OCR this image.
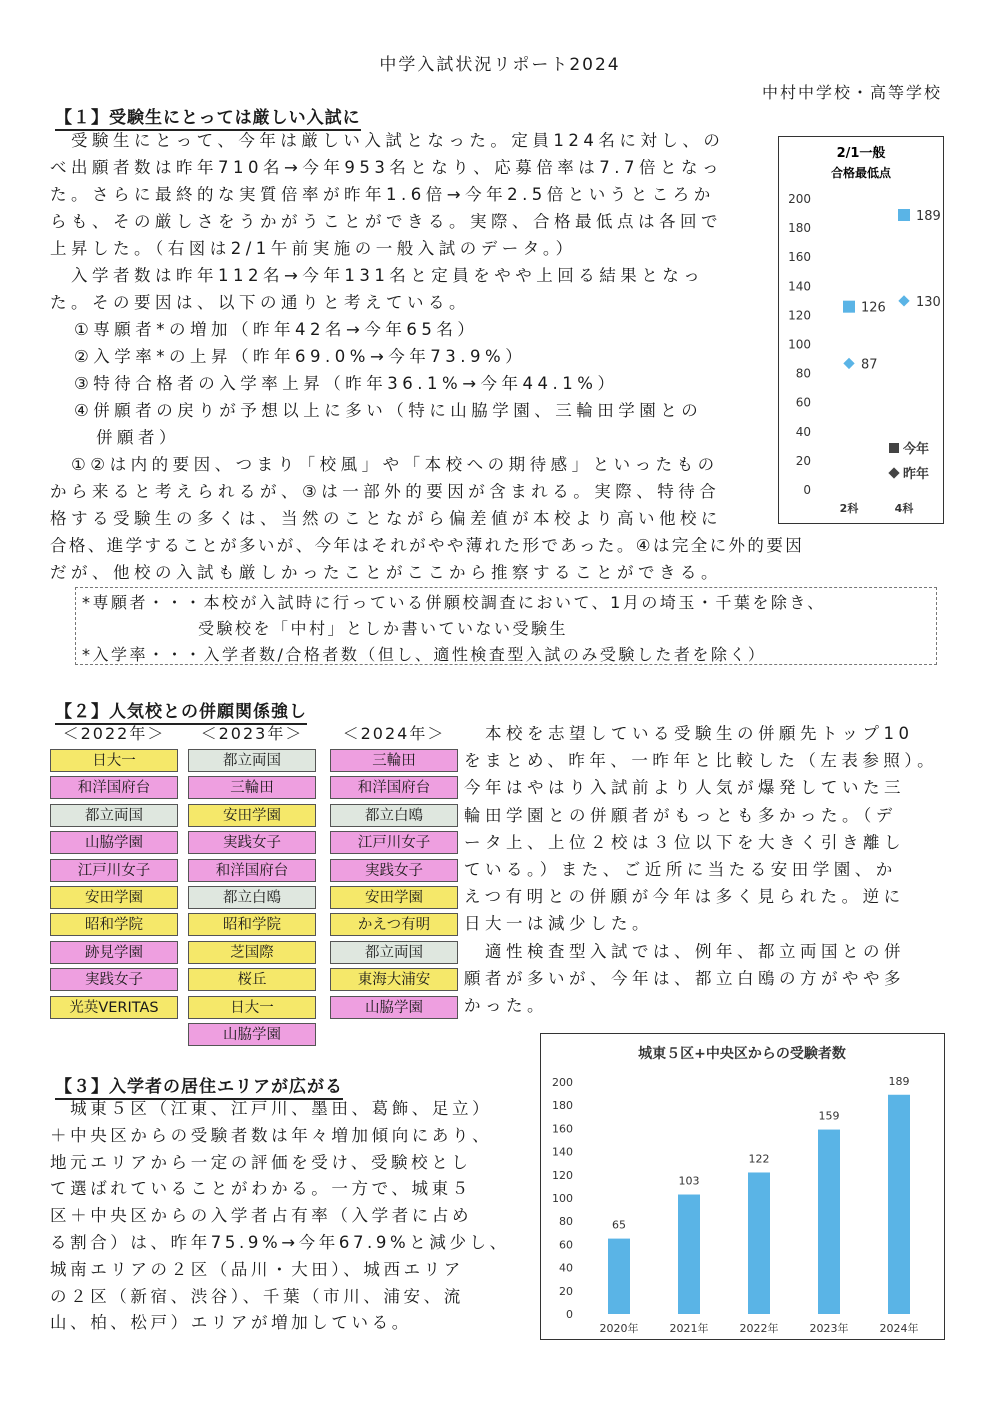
中学入試状況リポート2024
中村中学校・高等学校
【１】受験生にとっては厳しい入試に

　受験生にとって、今年は厳しい入試となった。定員124名に対し、の

べ出願者数は昨年710名→今年953名となり、応募倍率は7.7倍となっ

た。さらに最終的な実質倍率が昨年1.6倍→今年2.5倍というところか

らも、その厳しさをうかがうことができる。実際、合格最低点は各回で

上昇した。（右図は2/1午前実施の一般入試のデータ。）

　入学者数は昨年112名→今年131名と定員をやや上回る結果となっ

た。その要因は、以下の通りと考えている。

①専願者*の増加（昨年42名→今年65名）

②入学率*の上昇（昨年69.0%→今年73.9%）

③特待合格者の入学率上昇（昨年36.1%→今年44.1%）

④併願者の戻りが予想以上に多い（特に山脇学園、三輪田学園との

併願者）

　①②は内的要因、つまり「校風」や「本校への期待感」といったもの

から来ると考えられるが、③は一部外的要因が含まれる。実際、特待合

格する受験生の多くは、当然のことながら偏差値が本校より高い他校に

合格、進学することが多いが、今年はそれがやや薄れた形であった。④は完全に外的要因

だが、他校の入試も厳しかったことがここから推察することができる。

*専願者・・・本校が入試時に行っている併願校調査において、1月の埼玉・千葉を除き、

受験校を「中村」としか書いていない受験生

*入学率・・・入学者数/合格者数（但し、適性検査型入試のみ受験した者を除く）

2/1一般
合格最低点
0
20
40
60
80
100
120
140
160
180
200
126
189
87
130
2科	4科
今年
昨年
【２】人気校との併願関係強し
＜2022年＞
日大一
和洋国府台
都立両国
山脇学園
江戸川女子
安田学園
昭和学院
跡見学園
実践女子
光英VERITAS
＜2023年＞
都立両国
三輪田
安田学園
実践女子
和洋国府台
都立白鴎
昭和学院
芝国際
桜丘
日大一
山脇学園
＜2024年＞
三輪田
和洋国府台
都立白鴎
江戸川女子
実践女子
安田学園
かえつ有明
都立両国
東海大浦安
山脇学園

　本校を志望している受験生の併願先トップ10

をまとめ、昨年、一昨年と比較した（左表参照）。

今年はやはり入試前より人気が爆発していた三

輪田学園との併願者がもっとも多かった。（デ

ータ上、上位２校は３位以下を大きく引き離し

ている。）また、ご近所に当たる安田学園、か

えつ有明との併願が今年は多く見られた。逆に

日大一は減少した。

　適性検査型入試では、例年、都立両国との併

願者が多いが、今年は、都立白鴎の方がやや多

かった。

【３】入学者の居住エリアが広がる

　城東５区（江東、江戸川、墨田、葛飾、足立）

＋中央区からの受験者数は年々増加傾向にあり、

地元エリアから一定の評価を受け、受験校とし

て選ばれていることがわかる。一方で、城東５

区＋中央区からの入学者占有率（入学者に占め

る割合）は、昨年75.9%→今年67.9%と減少し、

城南エリアの２区（品川・大田）、城西エリア

の２区（新宿、渋谷）、千葉（市川、浦安、流

山、柏、松戸）エリアが増加している。

城東５区+中央区からの受験者数
0
20
40
60
80
100
120
140
160
180
200
65
2020年
103
2021年
122
2022年
159
2023年
189
2024年
